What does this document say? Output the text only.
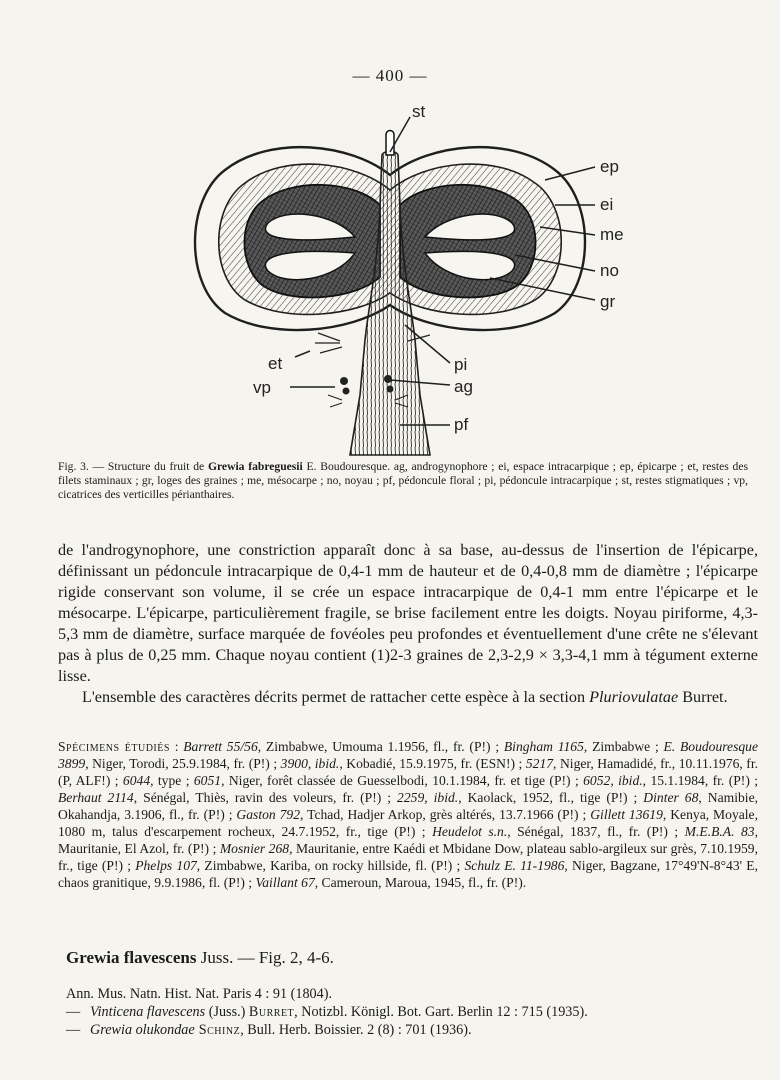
— 400 —
st
ep
ei
me
no
gr
et
vp
pi
ag
pf
Fig. 3. — Structure du fruit de Grewia fabreguesii E. Boudouresque. ag, androgynophore ; ei, espace intracarpique ; ep, épicarpe ; et, restes des filets staminaux ; gr, loges des graines ; me, mésocarpe ; no, noyau ; pf, pédoncule floral ; pi, pédoncule intracarpique ; st, restes stigmatiques ; vp, cicatrices des verticilles périanthaires.

de l'androgynophore, une constriction apparaît donc à sa base, au-dessus de l'insertion de l'épicarpe, définissant un pédoncule intracarpique de 0,4-1 mm de hauteur et de 0,4-0,8 mm de diamètre ; l'épicarpe rigide conservant son volume, il se crée un espace intracarpique de 0,4-1 mm entre l'épicarpe et le mésocarpe. L'épicarpe, particulièrement fragile, se brise facilement entre les doigts. Noyau piriforme, 4,3-5,3 mm de diamètre, surface marquée de fovéoles peu profondes et éventuellement d'une crête ne s'élevant pas à plus de 0,25 mm. Chaque noyau contient (1)2-3 graines de 2,3-2,9 × 3,3-4,1 mm à tégument externe lisse.

L'ensemble des caractères décrits permet de rattacher cette espèce à la section Pluriovulatae Burret.

Spécimens étudiés : Barrett 55/56, Zimbabwe, Umouma 1.1956, fl., fr. (P!) ; Bingham 1165, Zimbabwe ; E. Boudouresque 3899, Niger, Torodi, 25.9.1984, fr. (P!) ; 3900, ibid., Kobadié, 15.9.1975, fr. (ESN!) ; 5217, Niger, Hamadidé, fr., 10.11.1976, fr. (P, ALF!) ; 6044, type ; 6051, Niger, forêt classée de Guesselbodi, 10.1.1984, fr. et tige (P!) ; 6052, ibid., 15.1.1984, fr. (P!) ; Berhaut 2114, Sénégal, Thiès, ravin des voleurs, fr. (P!) ; 2259, ibid., Kaolack, 1952, fl., tige (P!) ; Dinter 68, Namibie, Okahandja, 3.1906, fl., fr. (P!) ; Gaston 792, Tchad, Hadjer Arkop, grès altérés, 13.7.1966 (P!) ; Gillett 13619, Kenya, Moyale, 1080 m, talus d'escarpement rocheux, 24.7.1952, fr., tige (P!) ; Heudelot s.n., Sénégal, 1837, fl., fr. (P!) ; M.E.B.A. 83, Mauritanie, El Azol, fr. (P!) ; Mosnier 268, Mauritanie, entre Kaédi et Mbidane Dow, plateau sablo-argileux sur grès, 7.10.1959, fr., tige (P!) ; Phelps 107, Zimbabwe, Kariba, on rocky hillside, fl. (P!) ; Schulz E. 11-1986, Niger, Bagzane, 17°49'N-8°43' E, chaos granitique, 9.9.1986, fl. (P!) ; Vaillant 67, Cameroun, Maroua, 1945, fl., fr. (P!).
Grewia flavescens Juss. — Fig. 2, 4-6.
Ann. Mus. Natn. Hist. Nat. Paris 4 : 91 (1804).
— Vinticena flavescens (Juss.) Burret, Notizbl. Königl. Bot. Gart. Berlin 12 : 715 (1935).
— Grewia olukondae Schinz, Bull. Herb. Boissier. 2 (8) : 701 (1936).
